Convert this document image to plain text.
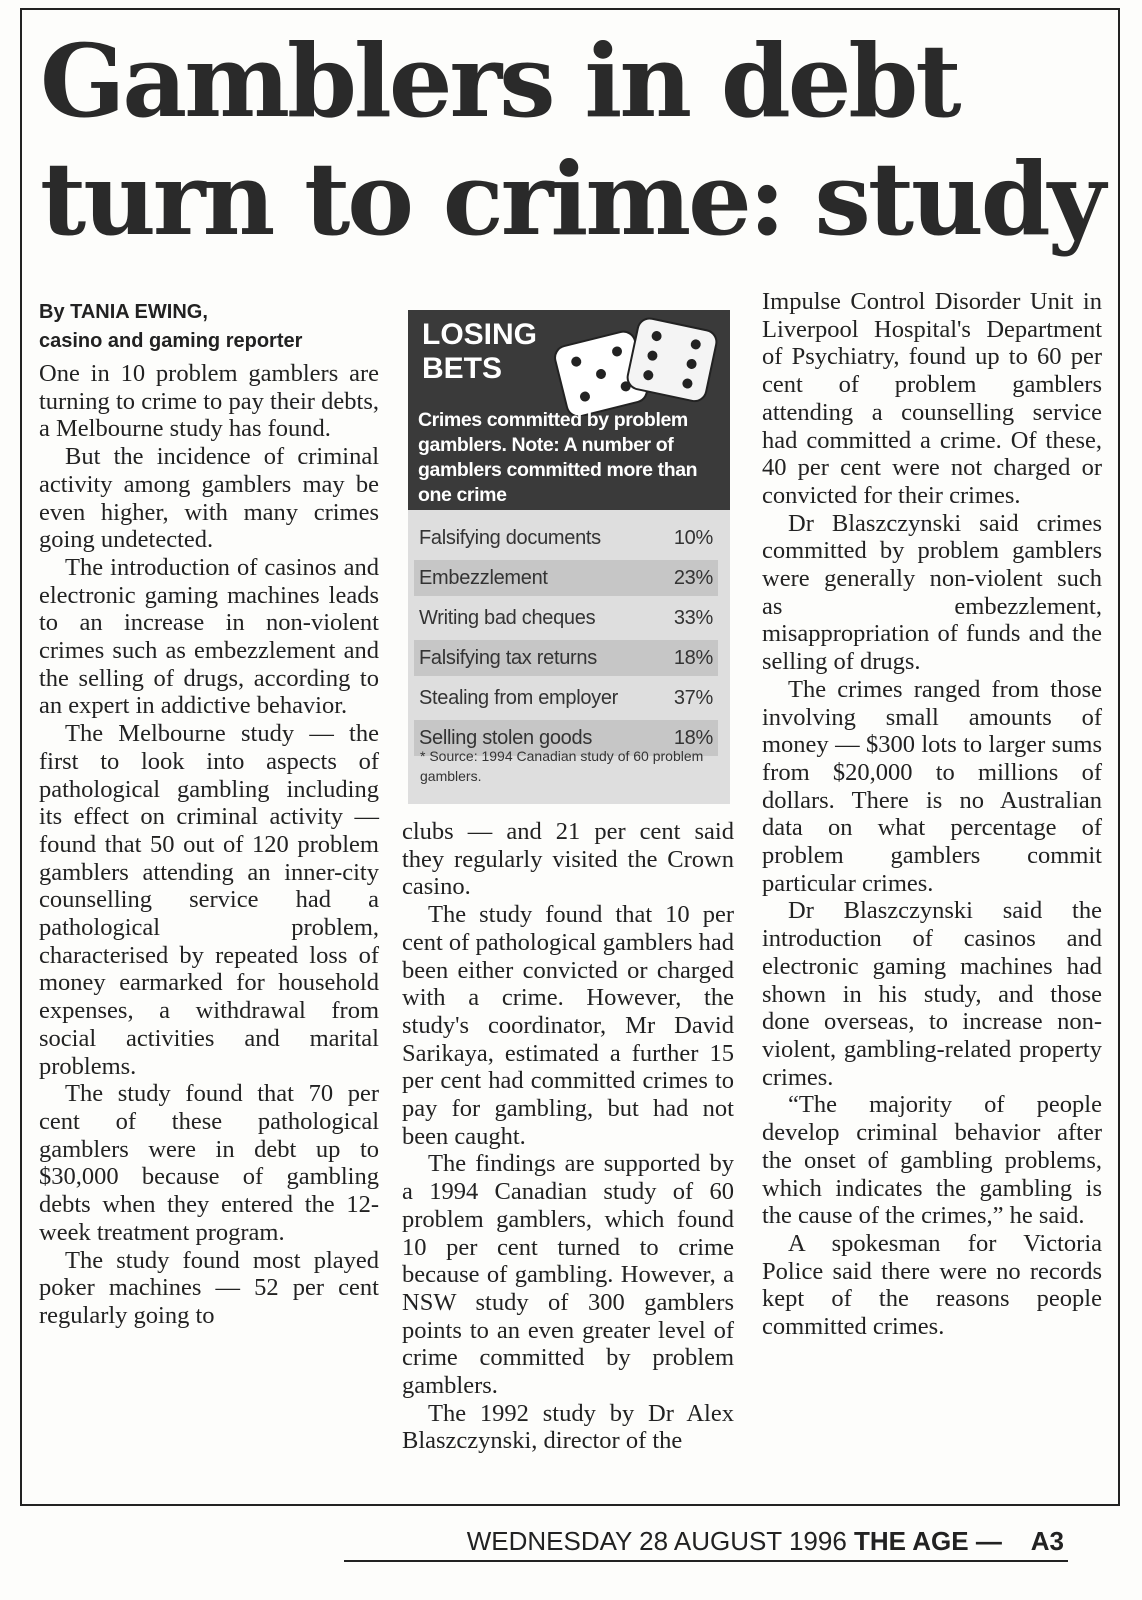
Gamblers in debt turn to crime: study
By TANIA EWING,
casino and gaming reporter

One in 10 problem gamblers are turning to crime to pay their debts, a Melbourne study has found.

But the incidence of criminal activity among gamblers may be even higher, with many crimes going undetected.

The introduction of casinos and electronic gaming machines leads to an increase in non-violent crimes such as embezzlement and the selling of drugs, according to an expert in addictive behavior.

The Melbourne study — the first to look into aspects of pathological gambling including its effect on criminal activity — found that 50 out of 120 problem gamblers attending an inner-city counselling service had a pathological problem, characterised by repeated loss of money earmarked for household expenses, a withdrawal from social activities and marital problems.

The study found that 70 per cent of these pathological gamblers were in debt up to $30,000 because of gambling debts when they entered the 12-week treatment program.

The study found most played poker machines — 52 per cent regularly going to

LOSING BETS

Crimes committed by problem gamblers. Note: A number of gamblers committed more than one crime

Falsifying documents	10%
Embezzlement	23%
Writing bad cheques	33%
Falsifying tax returns	18%
Stealing from employer	37%
Selling stolen goods	18%

* Source: 1994 Canadian study of 60 problem gamblers.

clubs — and 21 per cent said they regularly visited the Crown casino.

The study found that 10 per cent of pathological gamblers had been either convicted or charged with a crime. However, the study's coordinator, Mr David Sarikaya, estimated a further 15 per cent had committed crimes to pay for gambling, but had not been caught.

The findings are supported by a 1994 Canadian study of 60 problem gamblers, which found 10 per cent turned to crime because of gambling. However, a NSW study of 300 gamblers points to an even greater level of crime committed by problem gamblers.

The 1992 study by Dr Alex Blaszczynski, director of the

Impulse Control Disorder Unit in Liverpool Hospital's Department of Psychiatry, found up to 60 per cent of problem gamblers attending a counselling service had committed a crime. Of these, 40 per cent were not charged or convicted for their crimes.

Dr Blaszczynski said crimes committed by problem gamblers were generally non-violent such as embezzlement, misappropriation of funds and the selling of drugs.

The crimes ranged from those involving small amounts of money — $300 lots to larger sums from $20,000 to millions of dollars. There is no Australian data on what percentage of problem gamblers commit particular crimes.

Dr Blaszczynski said the introduction of casinos and electronic gaming machines had shown in his study, and those done overseas, to increase non-violent, gambling-related property crimes.

“The majority of people develop criminal behavior after the onset of gambling problems, which indicates the gambling is the cause of the crimes,” he said.

A spokesman for Victoria Police said there were no records kept of the reasons people committed crimes.

WEDNESDAY 28 AUGUST 1996 THE AGE — A3
